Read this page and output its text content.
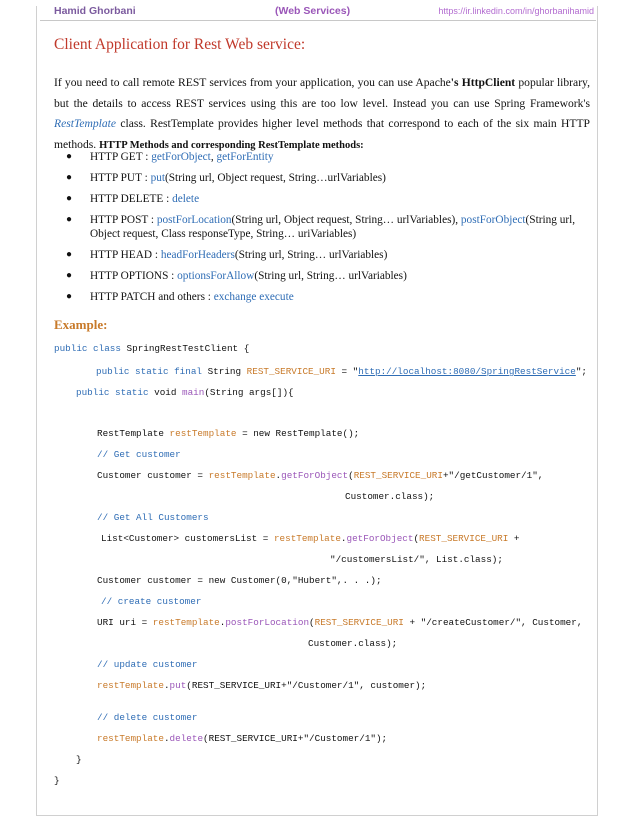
Hamid Ghorbani	(Web Services)	https://ir.linkedin.com/in/ghorbanihamid
Client Application for Rest Web service:
If you need to call remote REST services from your application, you can use Apache's HttpClient popular library, but the details to access REST services using this are too low level. Instead you can use Spring Framework's RestTemplate class. RestTemplate provides higher level methods that correspond to each of the six main HTTP methods. HTTP Methods and corresponding RestTemplate methods:
● HTTP GET : getForObject, getForEntity
● HTTP PUT : put(String url, Object request, String…urlVariables)
● HTTP DELETE : delete
● HTTP POST : postForLocation(String url, Object request, String… urlVariables), postForObject(String url, Object request, Class responseType, String… uriVariables)
● HTTP HEAD : headForHeaders(String url, String… urlVariables)
● HTTP OPTIONS : optionsForAllow(String url, String… urlVariables)
● HTTP PATCH and others : exchange execute
Example:
public class SpringRestTestClient {
public static final String REST_SERVICE_URI = "http://localhost:8080/SpringRestService";
public static void main(String args[]){
RestTemplate restTemplate = new RestTemplate();
// Get customer
Customer customer = restTemplate.getForObject(REST_SERVICE_URI+"/getCustomer/1",
Customer.class);
// Get All Customers
List<Customer> customersList = restTemplate.getForObject(REST_SERVICE_URI +
"/customersList/", List.class);
Customer customer = new Customer(0,"Hubert",. . .);
// create customer
URI uri = restTemplate.postForLocation(REST_SERVICE_URI + "/createCustomer/", Customer,
Customer.class);
// update customer
restTemplate.put(REST_SERVICE_URI+"/Customer/1", customer);
// delete customer
restTemplate.delete(REST_SERVICE_URI+"/Customer/1");
}
}
